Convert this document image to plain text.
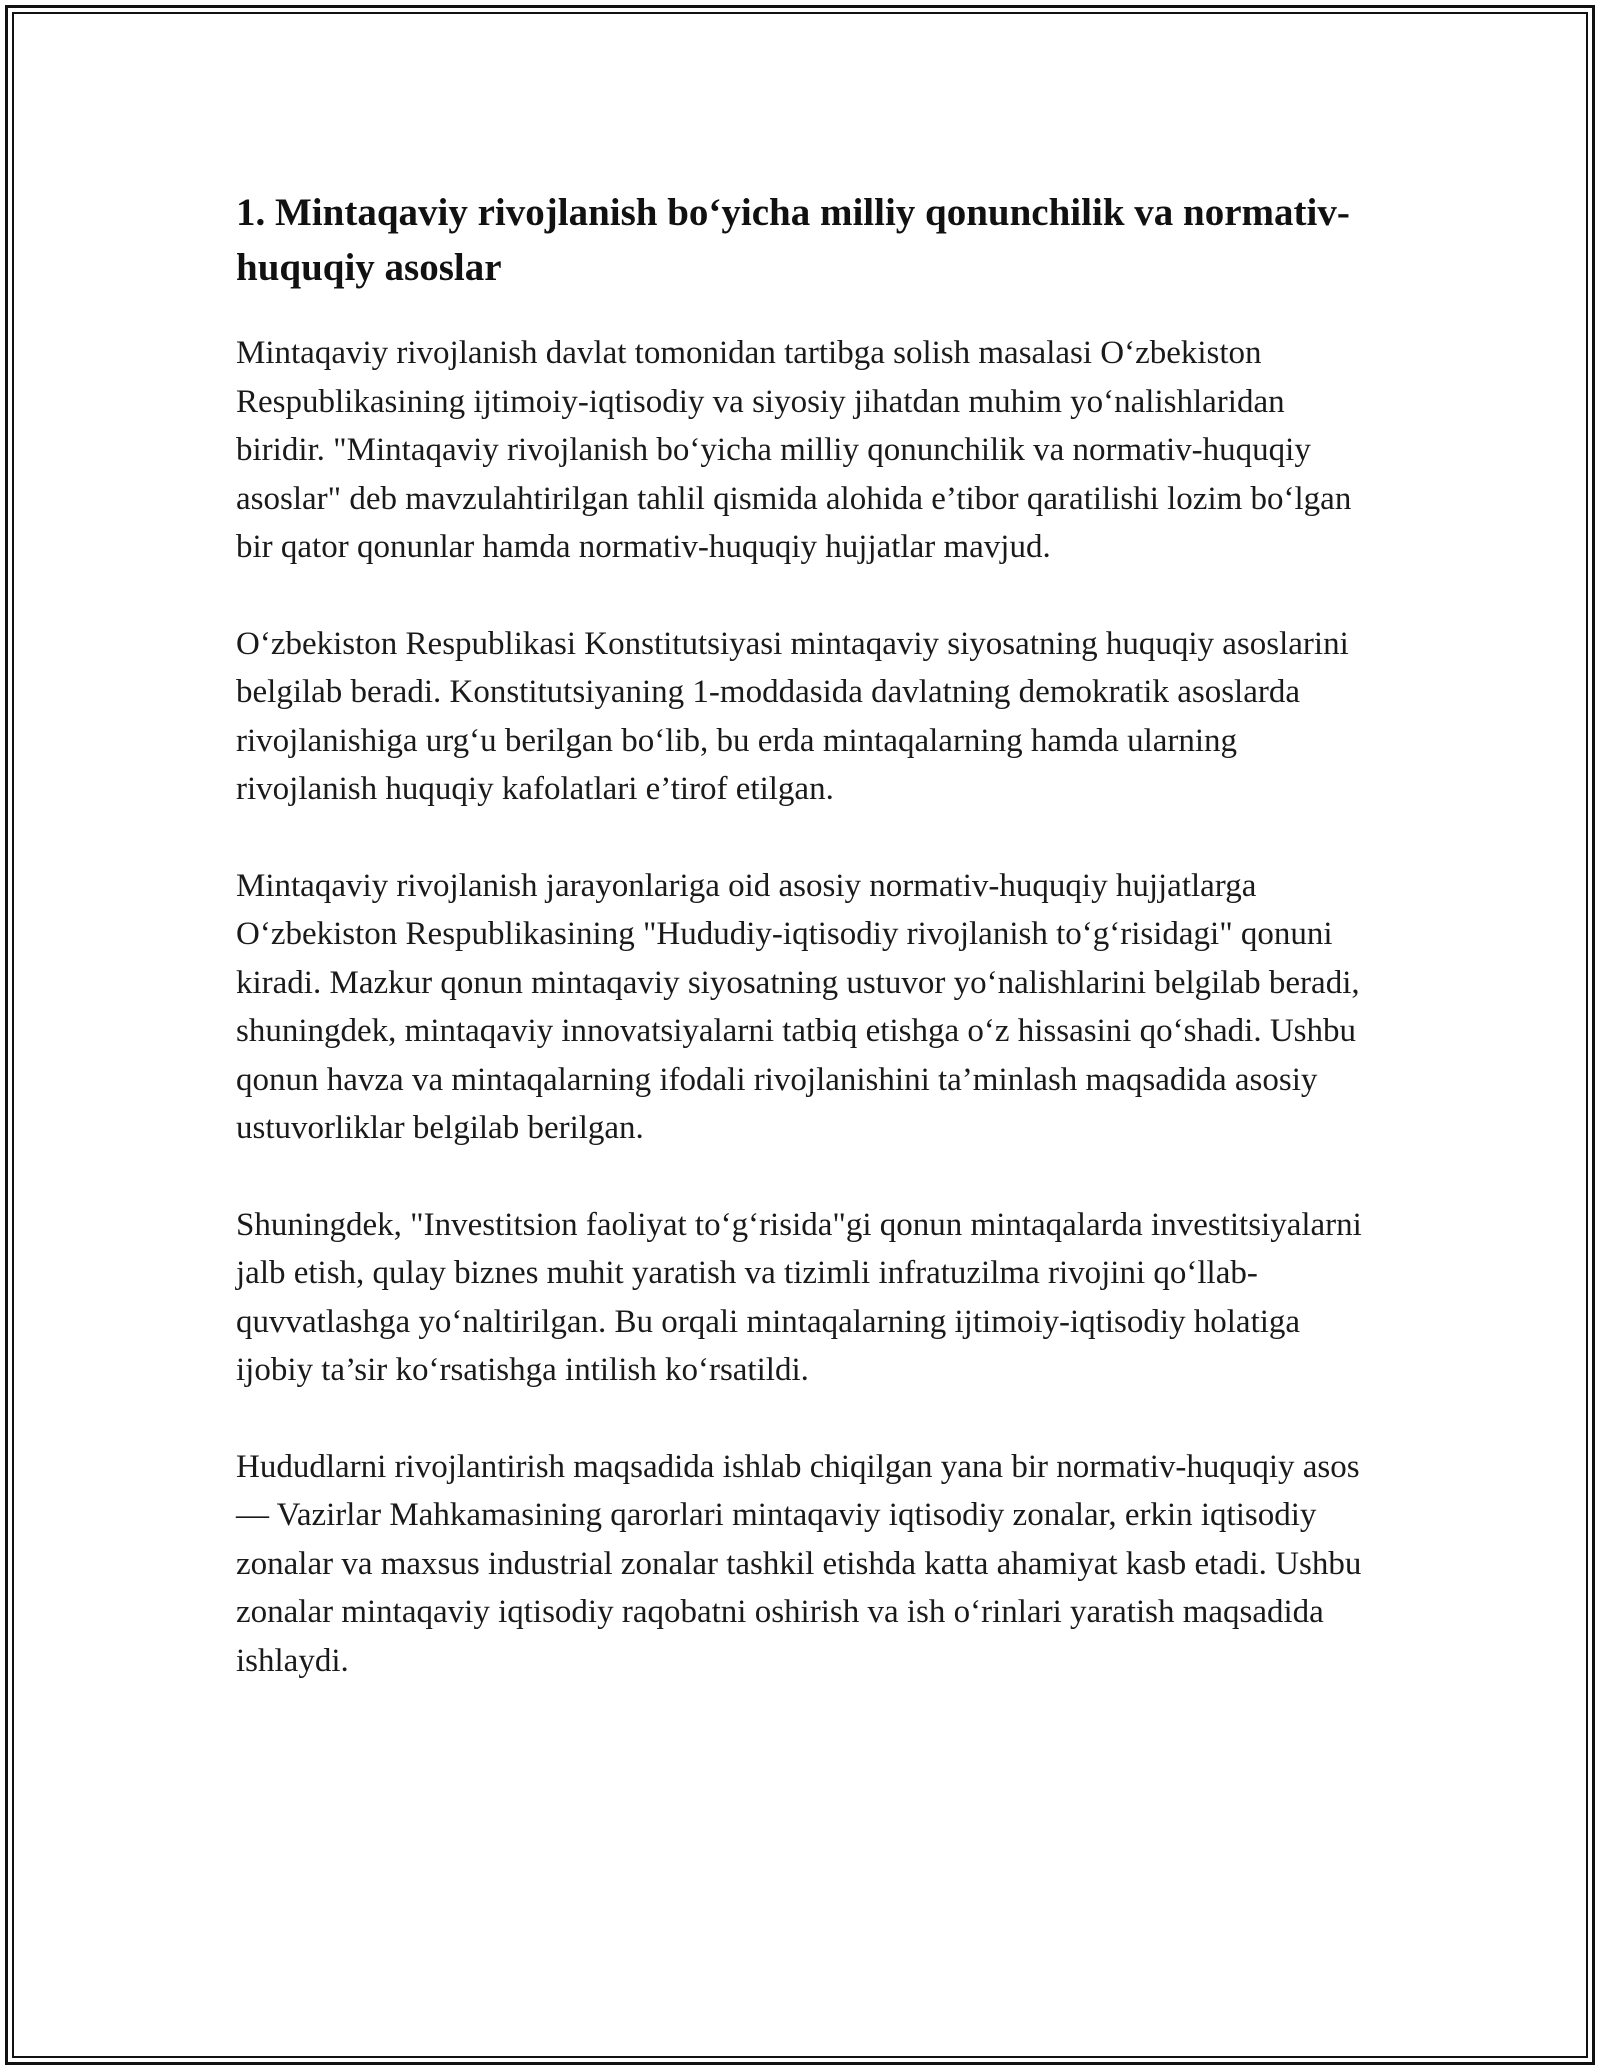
1. Mintaqaviy rivojlanish bo‘yicha milliy qonunchilik va normativ-huquqiy asoslar

Mintaqaviy rivojlanish davlat tomonidan tartibga solish masalasi O‘zbekiston Respublikasining ijtimoiy-iqtisodiy va siyosiy jihatdan muhim yo‘nalishlaridan biridir. "Mintaqaviy rivojlanish bo‘yicha milliy qonunchilik va normativ-huquqiy asoslar" deb mavzulahtirilgan tahlil qismida alohida e’tibor qaratilishi lozim bo‘lgan bir qator qonunlar hamda normativ-huquqiy hujjatlar mavjud.

O‘zbekiston Respublikasi Konstitutsiyasi mintaqaviy siyosatning huquqiy asoslarini belgilab beradi. Konstitutsiyaning 1-moddasida davlatning demokratik asoslarda rivojlanishiga urg‘u berilgan bo‘lib, bu erda mintaqalarning hamda ularning rivojlanish huquqiy kafolatlari e’tirof etilgan.

Mintaqaviy rivojlanish jarayonlariga oid asosiy normativ-huquqiy hujjatlarga O‘zbekiston Respublikasining "Hududiy-iqtisodiy rivojlanish to‘g‘risidagi" qonuni kiradi. Mazkur qonun mintaqaviy siyosatning ustuvor yo‘nalishlarini belgilab beradi, shuningdek, mintaqaviy innovatsiyalarni tatbiq etishga o‘z hissasini qo‘shadi. Ushbu qonun havza va mintaqalarning ifodali rivojlanishini ta’minlash maqsadida asosiy ustuvorliklar belgilab berilgan.

Shuningdek, "Investitsion faoliyat to‘g‘risida"gi qonun mintaqalarda investitsiyalarni jalb etish, qulay biznes muhit yaratish va tizimli infratuzilma rivojini qo‘llab-quvvatlashga yo‘naltirilgan. Bu orqali mintaqalarning ijtimoiy-iqtisodiy holatiga ijobiy ta’sir ko‘rsatishga intilish ko‘rsatildi.

Hududlarni rivojlantirish maqsadida ishlab chiqilgan yana bir normativ-huquqiy asos — Vazirlar Mahkamasining qarorlari mintaqaviy iqtisodiy zonalar, erkin iqtisodiy zonalar va maxsus industrial zonalar tashkil etishda katta ahamiyat kasb etadi. Ushbu zonalar mintaqaviy iqtisodiy raqobatni oshirish va ish o‘rinlari yaratish maqsadida ishlaydi.
